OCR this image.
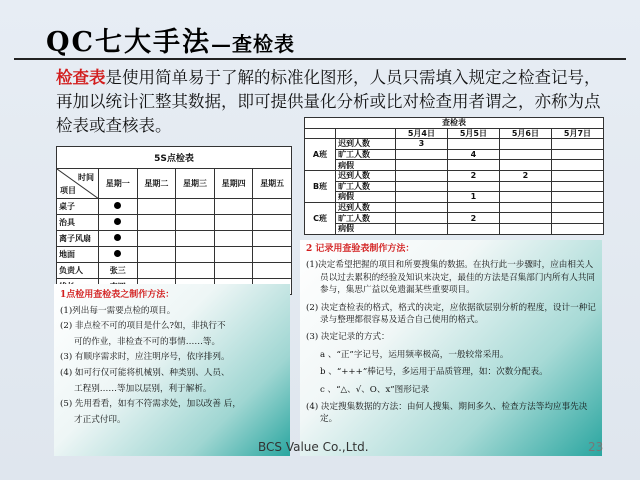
QC七大手法—查检表
检查表是使用简单易于了解的标准化图形，人员只需填入规定之检查记号，再加以统计汇整其数据，即可提供量化分析或比对检查用者谓之，亦称为点检表或查核表。
5S点检表					

时间
项目	星期一	星期二	星期三	星期四	星期五
桌子					
治具					
离子风扇					
地面					
负责人	张三				

查检表					
		5月4日	5月5日	5月6日	5月7日
A班	迟到人数	3			
	旷工人数		4		
	病假				
B班	迟到人数		2	2	
	旷工人数				
	病假		1		
C班	迟到人数				
	旷工人数		2		
	病假				

1点检用查检表之制作方法：

(1)列出每一需要点检的项目。

(2) 非点检不可的项目是什么?如，非执行不

可的作业，非检查不可的事情……等。

(3) 有顺序需求时，应注明序号，依序排列。

(4) 如可行仅可能将机械别、种类别、人员、

工程别……等加以层别，利于解析。

(5) 先用看看，如有不符需求处，加以改善 后，

才正式付印。

2 记录用查验表制作方法：

(1)决定希望把握的项目和所要搜集的数据。在执行此一步骤时，应由相关人员以过去累积的经验及知识来决定，最佳的方法是召集部门内所有人共同参与，集思广益以免遗漏某些重要项目。

(2) 决定查检表的格式，格式的决定，应依据欲层别分析的程度，设计一种记录与整理都很容易及适合自己使用的格式。

(3) 决定记录的方式：

a 、“正”字记号，运用频率极高，一般较常采用。

b 、“+++”棒记号，多运用于品质管理，如：次数分配表。

c 、“△、√、O、x”图形记录

(4) 决定搜集数据的方法：由何人搜集、期间多久、检查方法等均应事先决定。

BCS Value Co.,Ltd.	23
